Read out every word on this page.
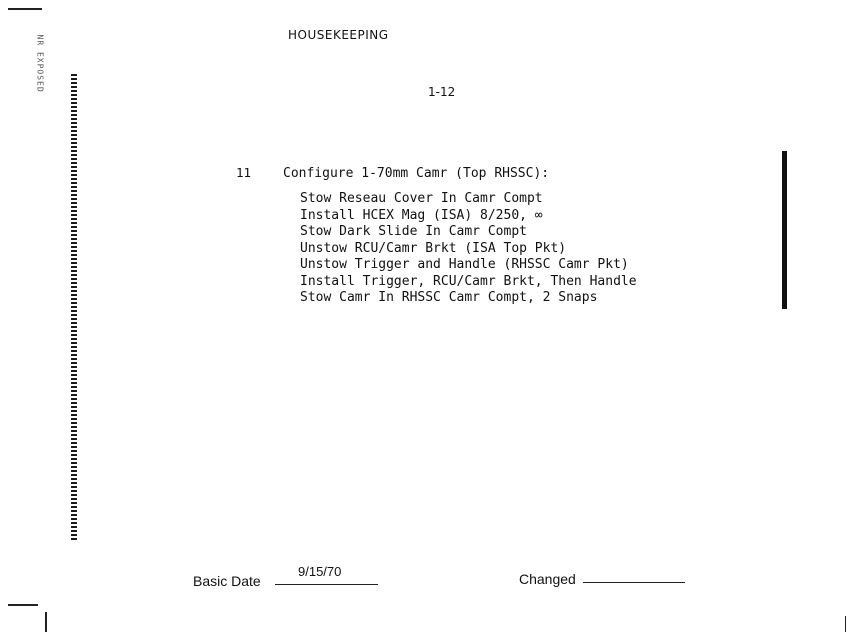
NR EXPOSED	HOUSEKEEPING
1-12
11 Configure 1-70mm Camr (Top RHSSC):
Stow Reseau Cover In Camr Compt
Install HCEX Mag (ISA) 8/250, ∞
Stow Dark Slide In Camr Compt
Unstow RCU/Camr Brkt (ISA Top Pkt)
Unstow Trigger and Handle (RHSSC Camr Pkt)
Install Trigger, RCU/Camr Brkt, Then Handle
Stow Camr In RHSSC Camr Compt, 2 Snaps
Basic Date
9/15/70	Changed
